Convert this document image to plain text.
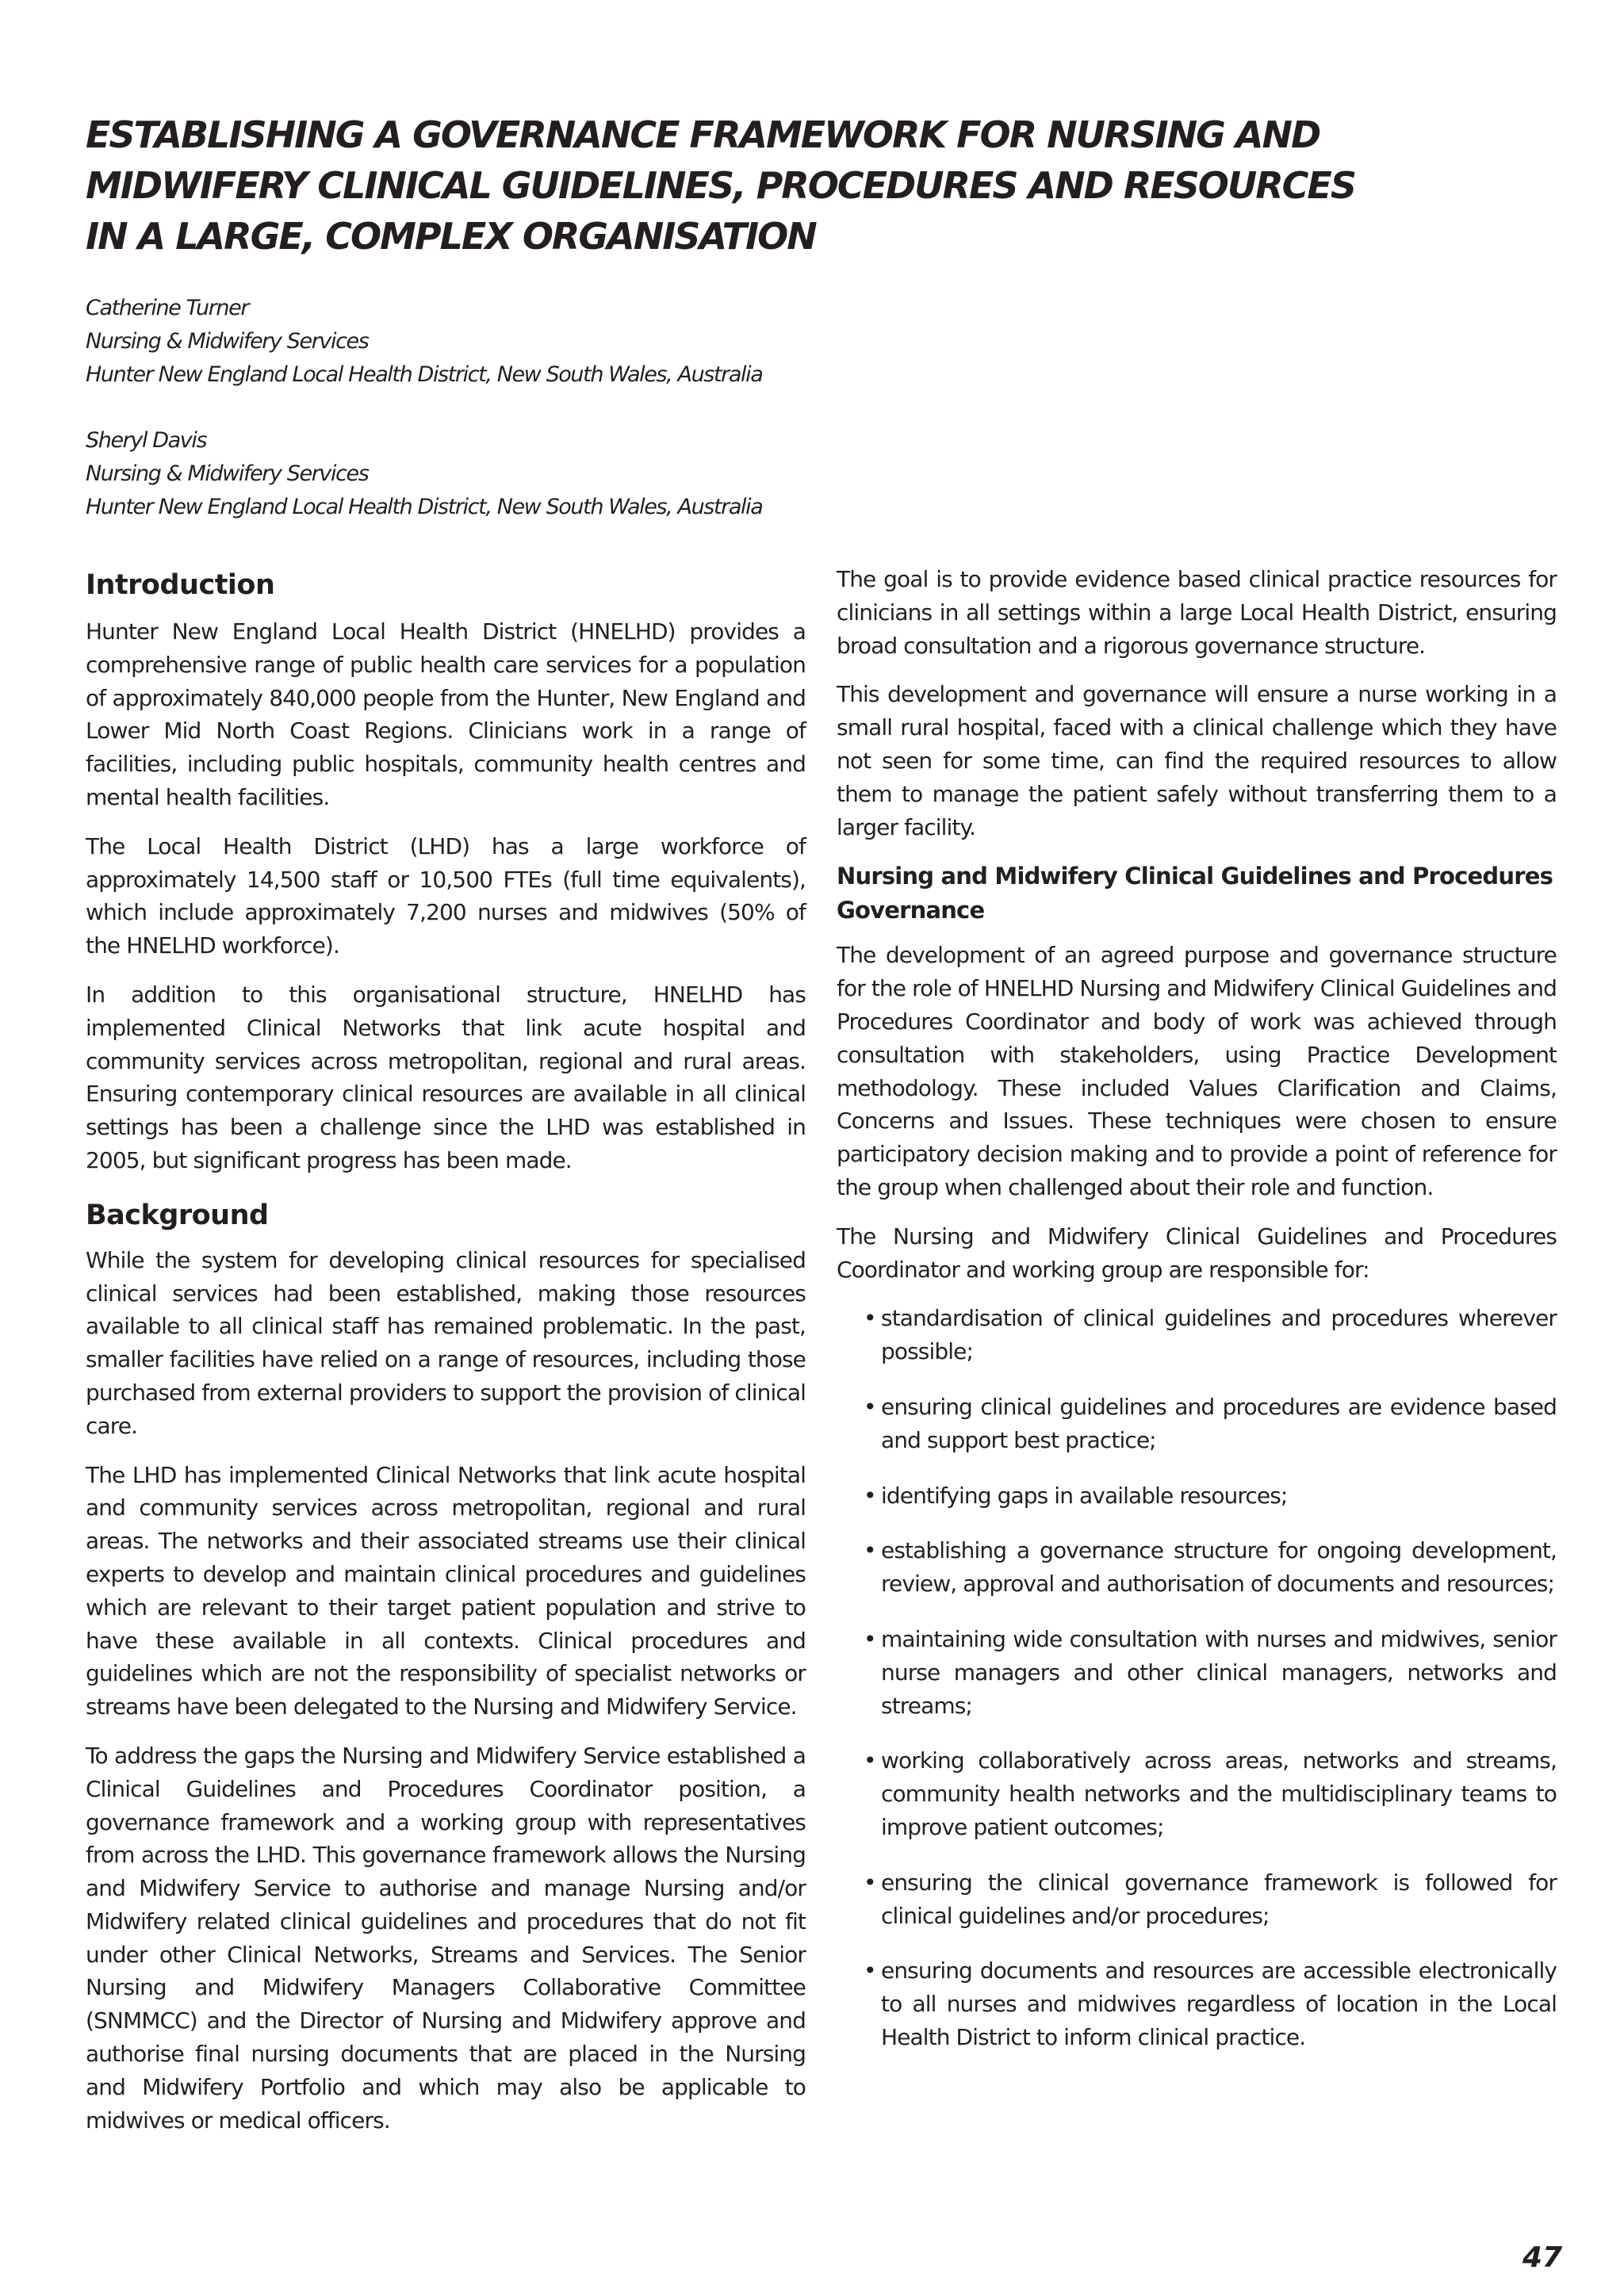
ESTABLISHING A GOVERNANCE FRAMEWORK FOR NURSING AND
MIDWIFERY CLINICAL GUIDELINES, PROCEDURES AND RESOURCES
IN A LARGE, COMPLEX ORGANISATION
Catherine Turner
Nursing & Midwifery Services
Hunter New England Local Health District, New South Wales, Australia
Sheryl Davis
Nursing & Midwifery Services
Hunter New England Local Health District, New South Wales, Australia
Introduction

Hunter New England Local Health District (HNELHD) provides a comprehensive range of public health care services for a population of approximately 840,000 people from the Hunter, New England and Lower Mid North Coast Regions. Clinicians work in a range of facilities, including public hospitals, community health centres and mental health facilities.

The Local Health District (LHD) has a large workforce of approximately 14,500 staff or 10,500 FTEs (full time equivalents), which include approximately 7,200 nurses and midwives (50% of the HNELHD workforce).

In addition to this organisational structure, HNELHD has implemented Clinical Networks that link acute hospital and community services across metropolitan, regional and rural areas. Ensuring contemporary clinical resources are available in all clinical settings has been a challenge since the LHD was established in 2005, but significant progress has been made.

Background

While the system for developing clinical resources for specialised clinical services had been established, making those resources available to all clinical staff has remained problematic. In the past, smaller facilities have relied on a range of resources, including those purchased from external providers to support the provision of clinical care.

The LHD has implemented Clinical Networks that link acute hospital and community services across metropolitan, regional and rural areas. The networks and their associated streams use their clinical experts to develop and maintain clinical procedures and guidelines which are relevant to their target patient population and strive to have these available in all contexts. Clinical procedures and guidelines which are not the responsibility of specialist networks or streams have been delegated to the Nursing and Midwifery Service.

To address the gaps the Nursing and Midwifery Service established a Clinical Guidelines and Procedures Coordinator position, a governance framework and a working group with representatives from across the LHD. This governance framework allows the Nursing and Midwifery Service to authorise and manage Nursing and/or Midwifery related clinical guidelines and procedures that do not fit under other Clinical Networks, Streams and Services. The Senior Nursing and Midwifery Managers Collaborative Committee (SNMMCC) and the Director of Nursing and Midwifery approve and authorise final nursing documents that are placed in the Nursing and Midwifery Portfolio and which may also be applicable to midwives or medical officers.

The goal is to provide evidence based clinical practice resources for clinicians in all settings within a large Local Health District, ensuring broad consultation and a rigorous governance structure.

This development and governance will ensure a nurse working in a small rural hospital, faced with a clinical challenge which they have not seen for some time, can find the required resources to allow them to manage the patient safely without transferring them to a larger facility.

Nursing and Midwifery Clinical Guidelines and Procedures Governance

The development of an agreed purpose and governance structure for the role of HNELHD Nursing and Midwifery Clinical Guidelines and Procedures Coordinator and body of work was achieved through consultation with stakeholders, using Practice Development methodology. These included Values Clarification and Claims, Concerns and Issues. These techniques were chosen to ensure participatory decision making and to provide a point of reference for the group when challenged about their role and function.

The Nursing and Midwifery Clinical Guidelines and Procedures Coordinator and working group are responsible for:

• standardisation of clinical guidelines and procedures wherever possible;
• ensuring clinical guidelines and procedures are evidence based and support best practice;
• identifying gaps in available resources;
• establishing a governance structure for ongoing development, review, approval and authorisation of documents and resources;
• maintaining wide consultation with nurses and midwives, senior nurse managers and other clinical managers, networks and streams;
• working collaboratively across areas, networks and streams, community health networks and the multidisciplinary teams to improve patient outcomes;
• ensuring the clinical governance framework is followed for clinical guidelines and/or procedures;
• ensuring documents and resources are accessible electronically to all nurses and midwives regardless of location in the Local Health District to inform clinical practice.
47
